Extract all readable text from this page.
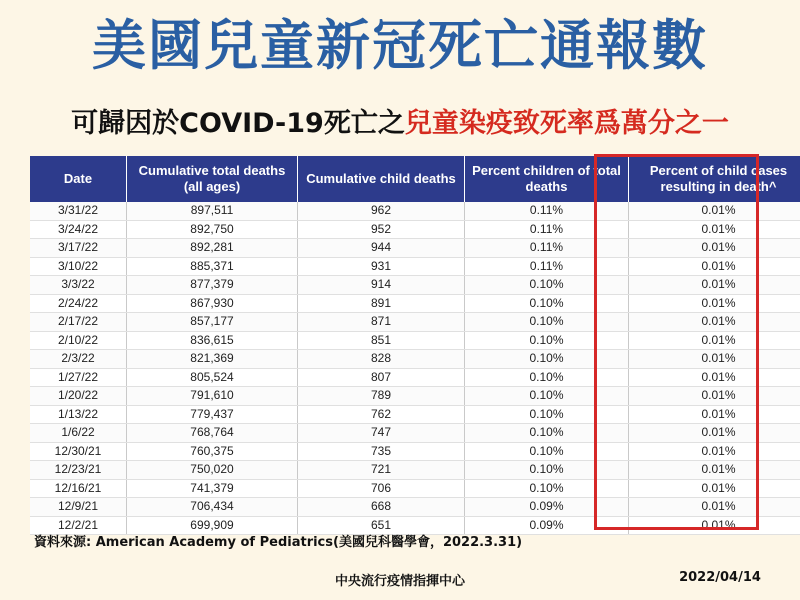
美國兒童新冠死亡通報數
可歸因於COVID-19死亡之兒童染疫致死率爲萬分之一
Date	Cumulative total deaths (all ages)	Cumulative child deaths	Percent children of total deaths	Percent of child cases resulting in death^
3/31/22	897,511	962	0.11%	0.01%
3/24/22	892,750	952	0.11%	0.01%
3/17/22	892,281	944	0.11%	0.01%
3/10/22	885,371	931	0.11%	0.01%
3/3/22	877,379	914	0.10%	0.01%
2/24/22	867,930	891	0.10%	0.01%
2/17/22	857,177	871	0.10%	0.01%
2/10/22	836,615	851	0.10%	0.01%
2/3/22	821,369	828	0.10%	0.01%
1/27/22	805,524	807	0.10%	0.01%
1/20/22	791,610	789	0.10%	0.01%
1/13/22	779,437	762	0.10%	0.01%
1/6/22	768,764	747	0.10%	0.01%
12/30/21	760,375	735	0.10%	0.01%
12/23/21	750,020	721	0.10%	0.01%
12/16/21	741,379	706	0.10%	0.01%
12/9/21	706,434	668	0.09%	0.01%
12/2/21	699,909	651	0.09%	0.01%
資料來源: American Academy of Pediatrics(美國兒科醫學會，2022.3.31)
中央流行疫情指揮中心	2022/04/14
